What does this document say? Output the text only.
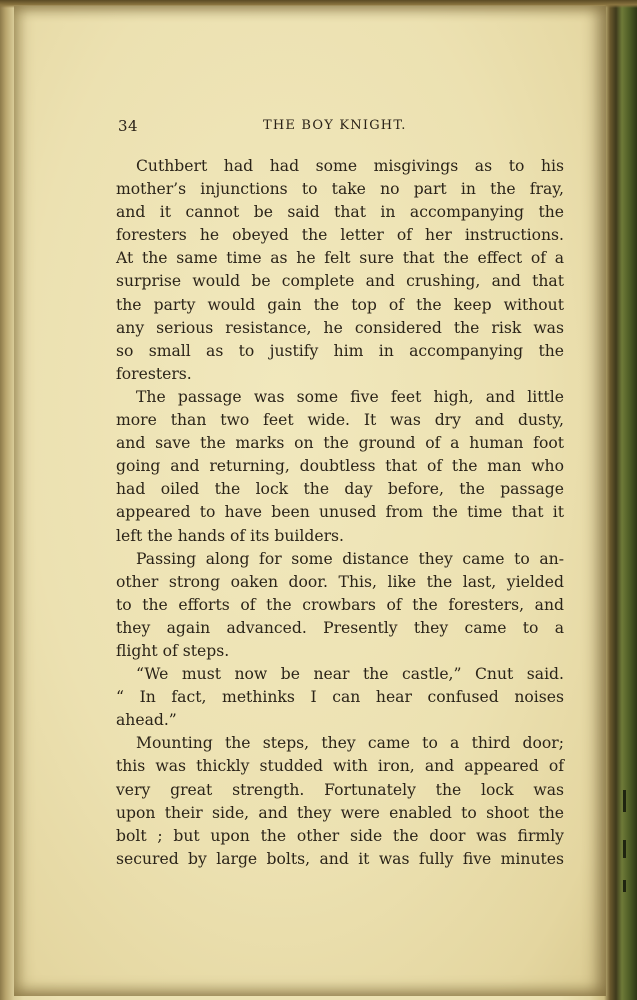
34	THE BOY KNIGHT.
Cuthbert had had some misgivings as to his
mother’s injunctions to take no part in the fray,
and it cannot be said that in accompanying the
foresters he obeyed the letter of her instructions.
At the same time as he felt sure that the effect of a
surprise would be complete and crushing, and that
the party would gain the top of the keep without
any serious resistance, he considered the risk was
so small as to justify him in accompanying the
foresters.
The passage was some five feet high, and little
more than two feet wide. It was dry and dusty,
and save the marks on the ground of a human foot
going and returning, doubtless that of the man who
had oiled the lock the day before, the passage
appeared to have been unused from the time that it
left the hands of its builders.
Passing along for some distance they came to an-
other strong oaken door. This, like the last, yielded
to the efforts of the crowbars of the foresters, and
they again advanced. Presently they came to a
flight of steps.
“We must now be near the castle,” Cnut said.
“ In fact, methinks I can hear confused noises
ahead.”
Mounting the steps, they came to a third door;
this was thickly studded with iron, and appeared of
very great strength. Fortunately the lock was
upon their side, and they were enabled to shoot the
bolt ; but upon the other side the door was firmly
secured by large bolts, and it was fully five minutes
